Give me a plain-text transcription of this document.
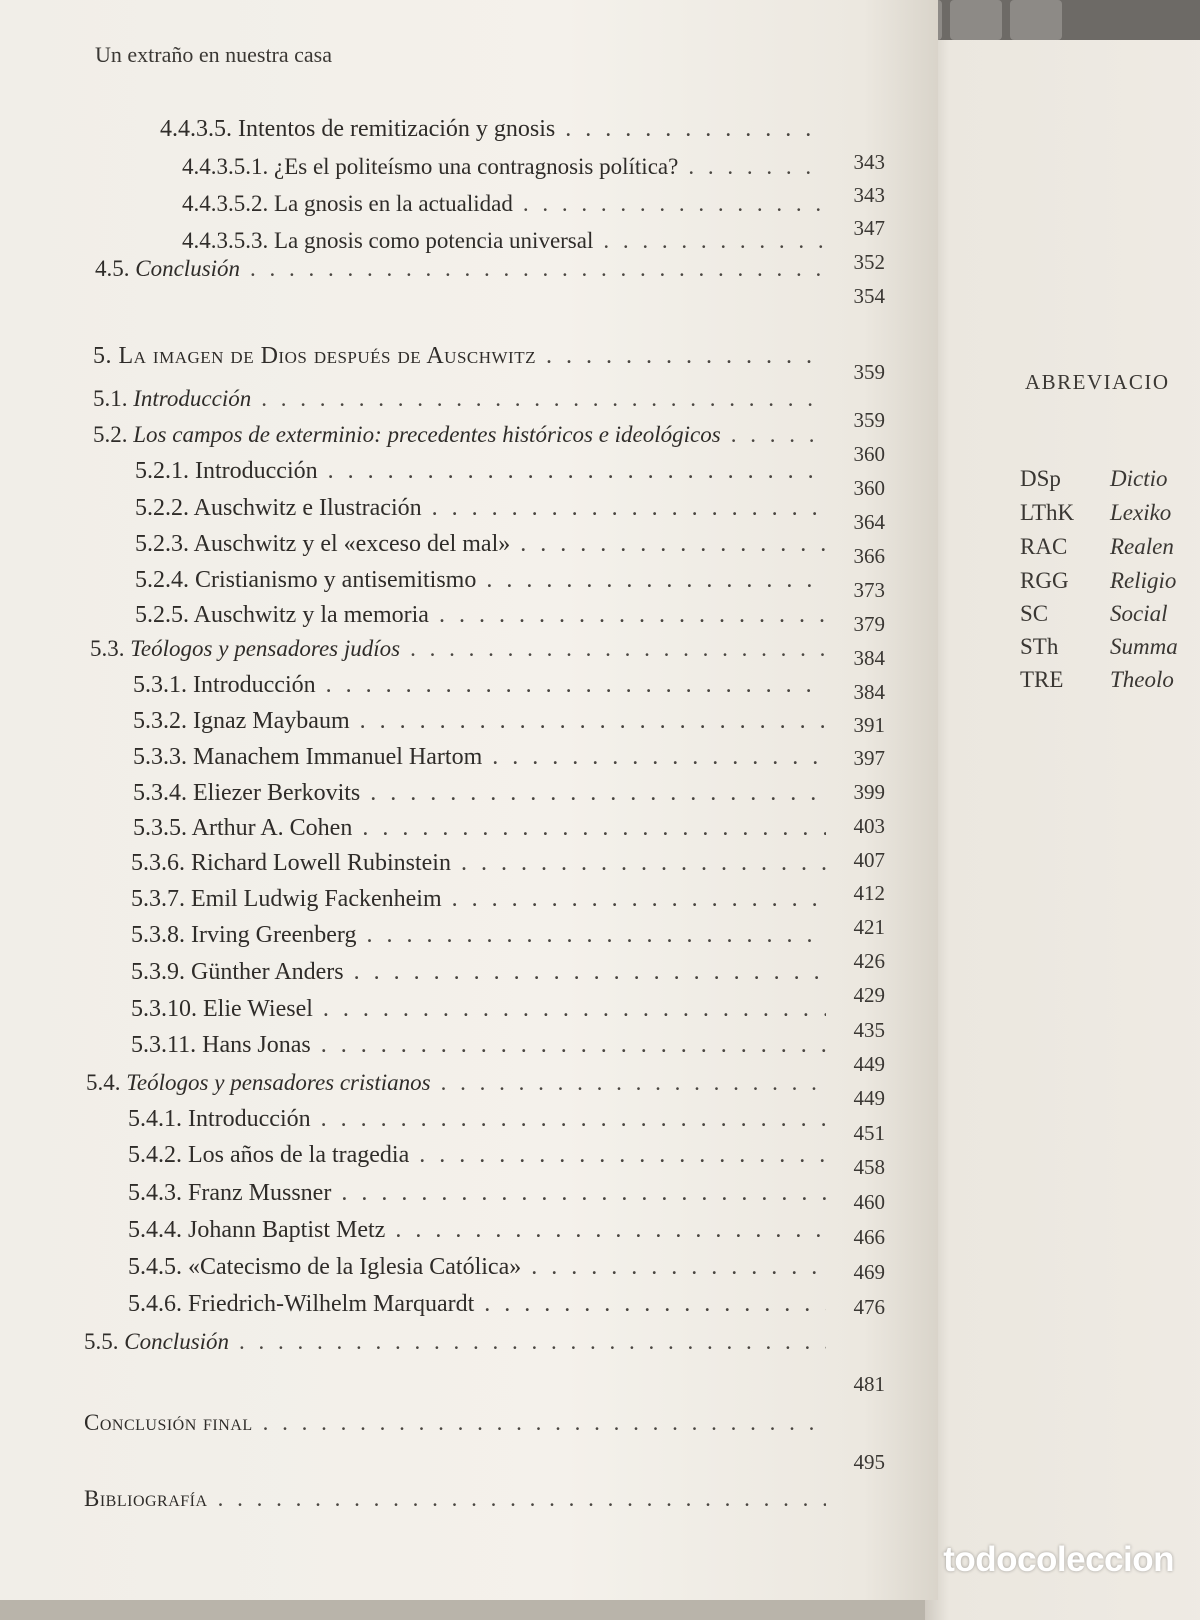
Un extraño en nuestra casa
4.4.3.5. Intentos de remitización y gnosis
. . .
4.4.3.5.1. ¿Es el politeísmo una contragnosis política?
. . .
4.4.3.5.2. La gnosis en la actualidad
. . .
4.4.3.5.3. La gnosis como potencia universal
. . .
4.5. Conclusión
. . .
5. La imagen de Dios después de Auschwitz
. . .
5.1. Introducción
. . .
5.2. Los campos de exterminio: precedentes históricos e ideológicos
. . .
5.2.1. Introducción
. . .
5.2.2. Auschwitz e Ilustración
. . .
5.2.3. Auschwitz y el «exceso del mal»
. . .
5.2.4. Cristianismo y antisemitismo
. . .
5.2.5. Auschwitz y la memoria
. . .
5.3. Teólogos y pensadores judíos
. . .
5.3.1. Introducción
. . .
5.3.2. Ignaz Maybaum
. . .
5.3.3. Manachem Immanuel Hartom
. . .
5.3.4. Eliezer Berkovits
. . .
5.3.5. Arthur A. Cohen
. . .
5.3.6. Richard Lowell Rubinstein
. . .
5.3.7. Emil Ludwig Fackenheim
. . .
5.3.8. Irving Greenberg
. . .
5.3.9. Günther Anders
. . .
5.3.10. Elie Wiesel
. . .
5.3.11. Hans Jonas
. . .
5.4. Teólogos y pensadores cristianos
. . .
5.4.1. Introducción
. . .
5.4.2. Los años de la tragedia
. . .
5.4.3. Franz Mussner
. . .
5.4.4. Johann Baptist Metz
. . .
5.4.5. «Catecismo de la Iglesia Católica»
. . .
5.4.6. Friedrich-Wilhelm Marquardt
. . .
5.5. Conclusión
. . .
Conclusión final
. . .
Bibliografía
. . .
343
343
347
352
354
359
359
360
360
364
366
373
379
384
384
391
397
399
403
407
412
421
426
429
435
449
449
451
458
460
466
469
476
481
495
ABREVIACIO
DSp Dictio
LThK Lexiko
RAC Realen
RGG Religio
SC	Social
STh Summa
TRE Theolo
todocoleccion
